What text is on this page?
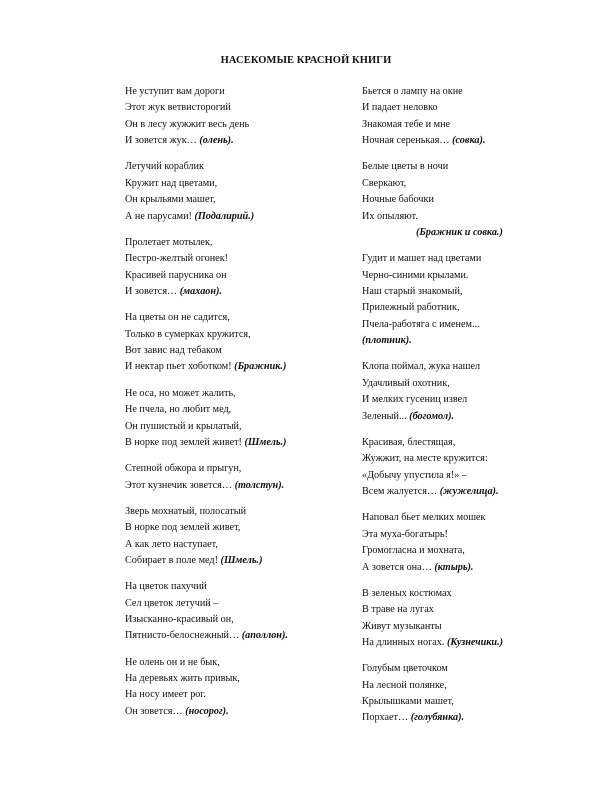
НАСЕКОМЫЕ КРАСНОЙ КНИГИ
Не уступит вам дороги
Этот жук ветвисторогий
Он в лесу жужжит весь день
И зовется жук… (олень).
Летучий кораблик
Кружит над цветами,
Он крыльями машет,
А не парусами! (Подалирий.)
Пролетает мотылек,
Пестро-желтый огонек!
Красивей парусника он
И зовется… (махаон).
На цветы он не садится,
Только в сумерках кружится,
Вот завис над тебаком
И нектар пьет хоботком! (Бражник.)
Не оса, но может жалить,
Не пчела, но любит мед,
Он пушистый и крылатый,
В норке под землей живет! (Шмель.)
Степной обжора и прыгун,
Этот кузнечик зовется… (толстун).
Зверь мохнатый, полосатый
В норке под землей живет,
А как лето наступает,
Собирает в поле мед! (Шмель.)
На цветок пахучий
Сел цветок летучий –
Изысканно-красивый он,
Пятнисто-белоснежный… (аполлон).
Не олень он и не бык,
На деревьях жить привык,
На носу имеет рог.
Он зовется… (носорог).
Бьется о лампу на окне
И падает неловко
Знакомая тебе и мне
Ночная серенькая… (совка).
Белые цветы в ночи
Сверкают,
Ночные бабочки
Их опыляют.
(Бражник и совка.)
Гудит и машет над цветами
Черно-синими крылами.
Наш старый знакомый,
Прилежный работник,
Пчела-работяга с именем...
(плотник).
Клопа поймал, жука нашел
Удачливый охотник,
И мелких гусениц извел
Зеленый... (богомол).
Красивая, блестящая,
Жужжит, на месте кружится:
«Добычу упустила я!» –
Всем жалуется… (жужелица).
Наповал бьет мелких мошек
Эта муха-богатырь!
Громогласна и мохната,
А зовется она… (ктырь).
В зеленых костюмах
В траве на лугах
Живут музыканты
На длинных ногах. (Кузнечики.)
Голубым цветочком
На лесной полянке,
Крылышками машет,
Порхает… (голубянка).
